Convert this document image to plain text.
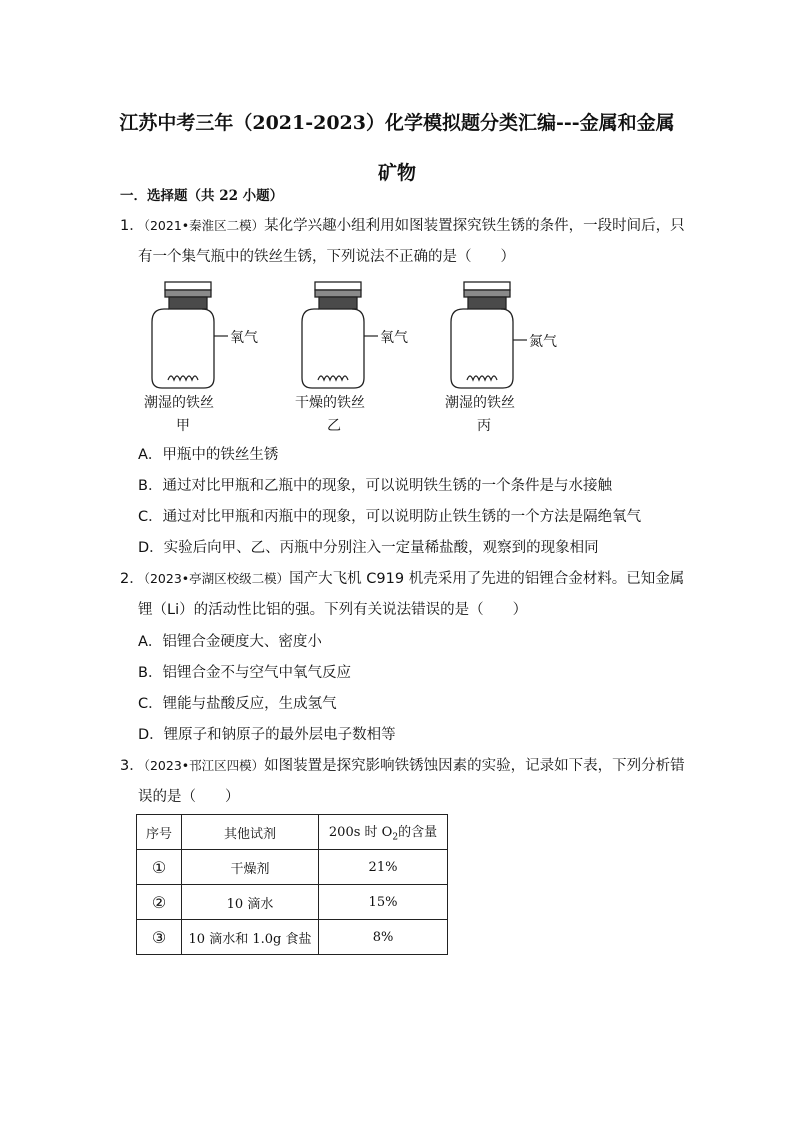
江苏中考三年（2021-2023）化学模拟题分类汇编---金属和金属
矿物
一．选择题（共 22 小题）
1．（2021•秦淮区二模）某化学兴趣小组利用如图装置探究铁生锈的条件，一段时间后，只
有一个集气瓶中的铁丝生锈，下列说法不正确的是（　　）
氧气	氧气	氮气
潮湿的铁丝	干燥的铁丝	潮湿的铁丝
甲	乙	丙
A．甲瓶中的铁丝生锈
B．通过对比甲瓶和乙瓶中的现象，可以说明铁生锈的一个条件是与水接触
C．通过对比甲瓶和丙瓶中的现象，可以说明防止铁生锈的一个方法是隔绝氧气
D．实验后向甲、乙、丙瓶中分别注入一定量稀盐酸，观察到的现象相同
2．（2023•亭湖区校级二模）国产大飞机 C919 机壳采用了先进的铝锂合金材料。已知金属
锂（Li）的活动性比铝的强。下列有关说法错误的是（　　）
A．铝锂合金硬度大、密度小
B．铝锂合金不与空气中氧气反应
C．锂能与盐酸反应，生成氢气
D．锂原子和钠原子的最外层电子数相等
3．（2023•邗江区四模）如图装置是探究影响铁锈蚀因素的实验，记录如下表，下列分析错
误的是（　　）
序号	其他试剂	200s 时 $O_2$的含量
①	干燥剂	21%
②	10 滴水	15%
③	10 滴水和 1.0g 食盐	8%
